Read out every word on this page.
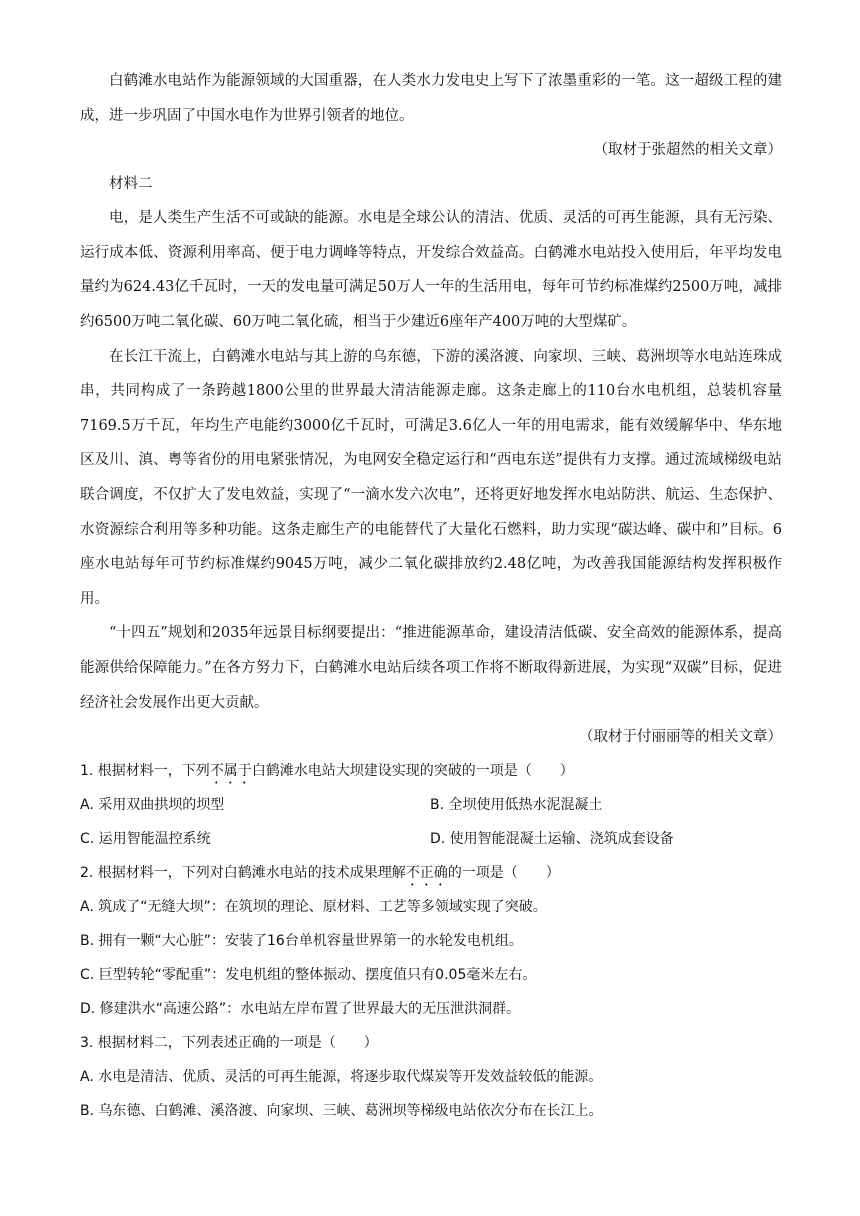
白鹤滩水电站作为能源领域的大国重器，在人类水力发电史上写下了浓墨重彩的一笔。这一超级工程的建成，进一步巩固了中国水电作为世界引领者的地位。

（取材于张超然的相关文章）

材料二

电，是人类生产生活不可或缺的能源。水电是全球公认的清洁、优质、灵活的可再生能源，具有无污染、运行成本低、资源利用率高、便于电力调峰等特点，开发综合效益高。白鹤滩水电站投入使用后，年平均发电量约为624.43亿千瓦时，一天的发电量可满足50万人一年的生活用电，每年可节约标准煤约2500万吨，减排约6500万吨二氧化碳、60万吨二氧化硫，相当于少建近6座年产400万吨的大型煤矿。

在长江干流上，白鹤滩水电站与其上游的乌东德，下游的溪洛渡、向家坝、三峡、葛洲坝等水电站连珠成串，共同构成了一条跨越1800公里的世界最大清洁能源走廊。这条走廊上的110台水电机组，总装机容量7169.5万千瓦，年均生产电能约3000亿千瓦时，可满足3.6亿人一年的用电需求，能有效缓解华中、华东地区及川、滇、粤等省份的用电紧张情况，为电网安全稳定运行和“西电东送”提供有力支撑。通过流域梯级电站联合调度，不仅扩大了发电效益，实现了“一滴水发六次电”，还将更好地发挥水电站防洪、航运、生态保护、水资源综合利用等多种功能。这条走廊生产的电能替代了大量化石燃料，助力实现“碳达峰、碳中和”目标。6座水电站每年可节约标准煤约9045万吨，减少二氧化碳排放约2.48亿吨，为改善我国能源结构发挥积极作用。

“十四五”规划和2035年远景目标纲要提出：“推进能源革命，建设清洁低碳、安全高效的能源体系，提高能源供给保障能力。”在各方努力下，白鹤滩水电站后续各项工作将不断取得新进展，为实现“双碳”目标，促进经济社会发展作出更大贡献。

（取材于付丽丽等的相关文章）

1. 根据材料一，下列不属于白鹤滩水电站大坝建设实现的突破的一项是（　　）

A. 采用双曲拱坝的坝型	B. 全坝使用低热水泥混凝土

C. 运用智能温控系统	D. 使用智能混凝土运输、浇筑成套设备

2. 根据材料一，下列对白鹤滩水电站的技术成果理解不正确的一项是（　　）

A. 筑成了“无缝大坝”：在筑坝的理论、原材料、工艺等多领域实现了突破。

B. 拥有一颗“大心脏”：安装了16台单机容量世界第一的水轮发电机组。

C. 巨型转轮“零配重”：发电机组的整体振动、摆度值只有0.05毫米左右。

D. 修建洪水“高速公路”：水电站左岸布置了世界最大的无压泄洪洞群。

3. 根据材料二，下列表述正确的一项是（　　）

A. 水电是清洁、优质、灵活的可再生能源，将逐步取代煤炭等开发效益较低的能源。

B. 乌东德、白鹤滩、溪洛渡、向家坝、三峡、葛洲坝等梯级电站依次分布在长江上。
